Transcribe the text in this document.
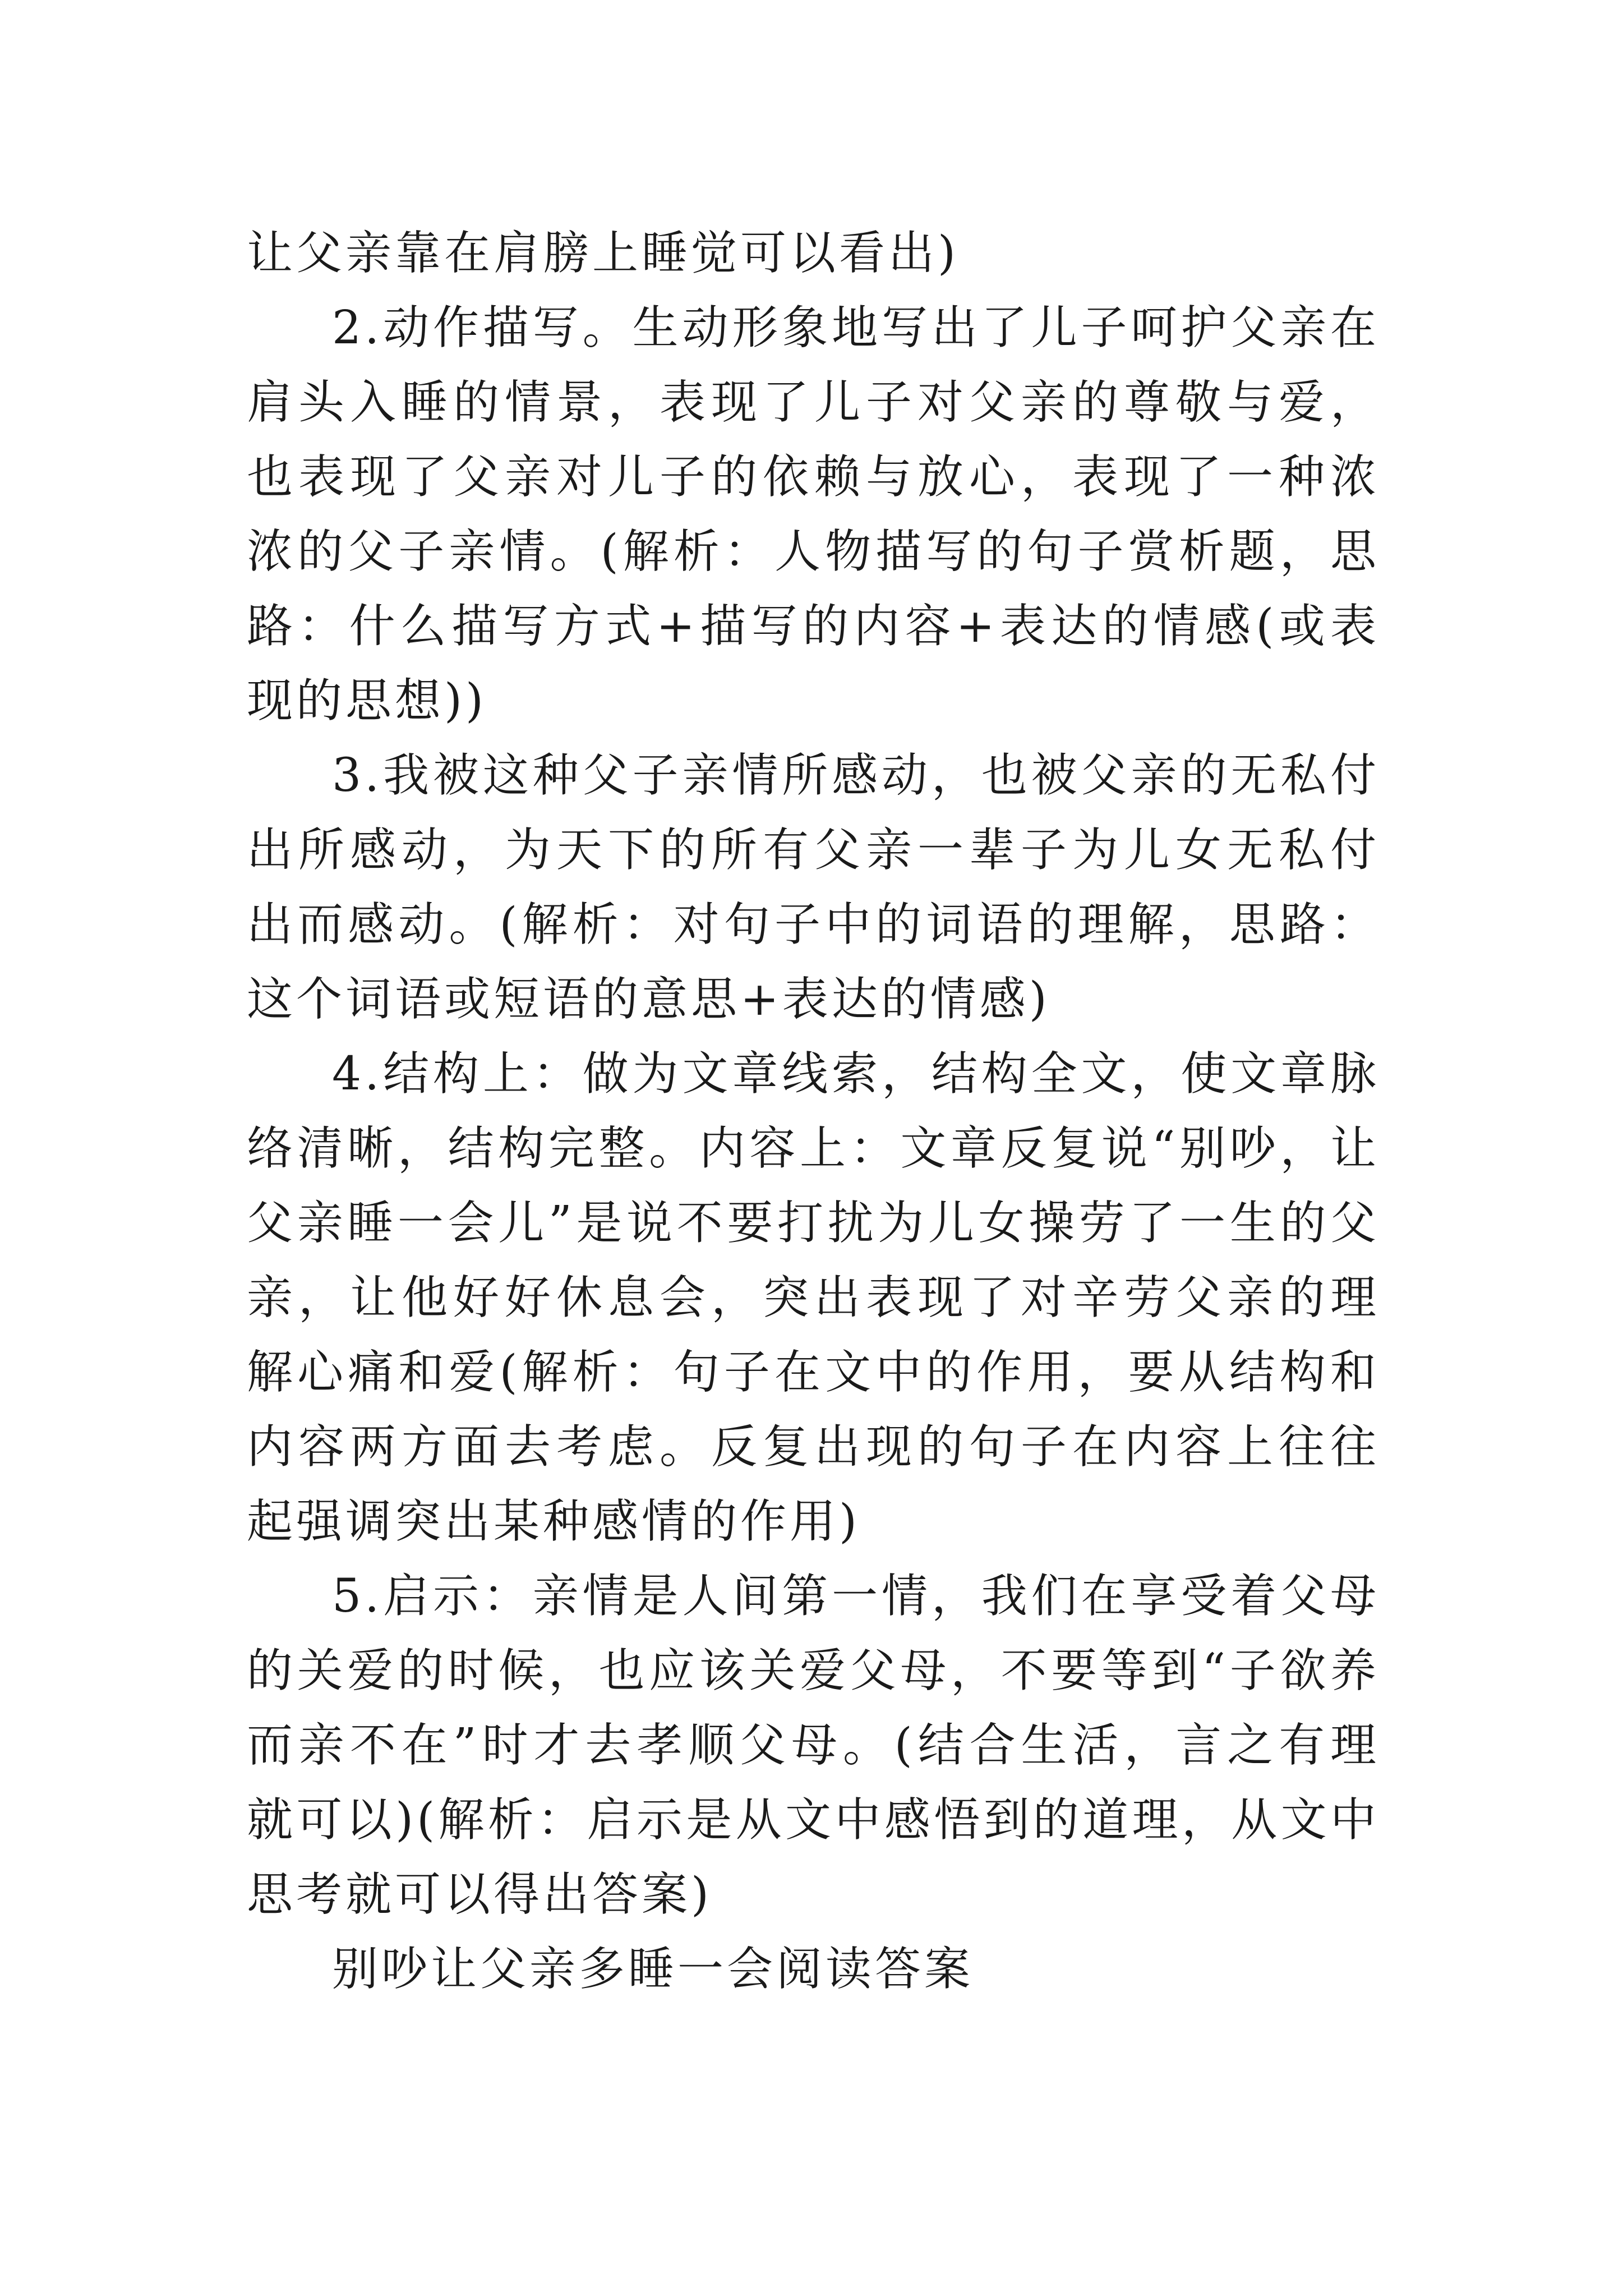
让父亲靠在肩膀上睡觉可以看出)

2.动作描写。生动形象地写出了儿子呵护父亲在肩头入睡的情景，表现了儿子对父亲的尊敬与爱，也表现了父亲对儿子的依赖与放心，表现了一种浓浓的父子亲情。(解析：人物描写的句子赏析题，思路：什么描写方式+描写的内容+表达的情感(或表现的思想))

3.我被这种父子亲情所感动，也被父亲的无私付出所感动，为天下的所有父亲一辈子为儿女无私付出而感动。(解析：对句子中的词语的理解，思路：这个词语或短语的意思+表达的情感)

4.结构上：做为文章线索，结构全文，使文章脉络清晰，结构完整。内容上：文章反复说“别吵，让父亲睡一会儿”是说不要打扰为儿女操劳了一生的父亲，让他好好休息会，突出表现了对辛劳父亲的理解心痛和爱(解析：句子在文中的作用，要从结构和内容两方面去考虑。反复出现的句子在内容上往往起强调突出某种感情的作用)

5.启示：亲情是人间第一情，我们在享受着父母的关爱的时候，也应该关爱父母，不要等到“子欲养而亲不在”时才去孝顺父母。(结合生活，言之有理就可以)(解析：启示是从文中感悟到的道理，从文中思考就可以得出答案)

别吵让父亲多睡一会阅读答案
